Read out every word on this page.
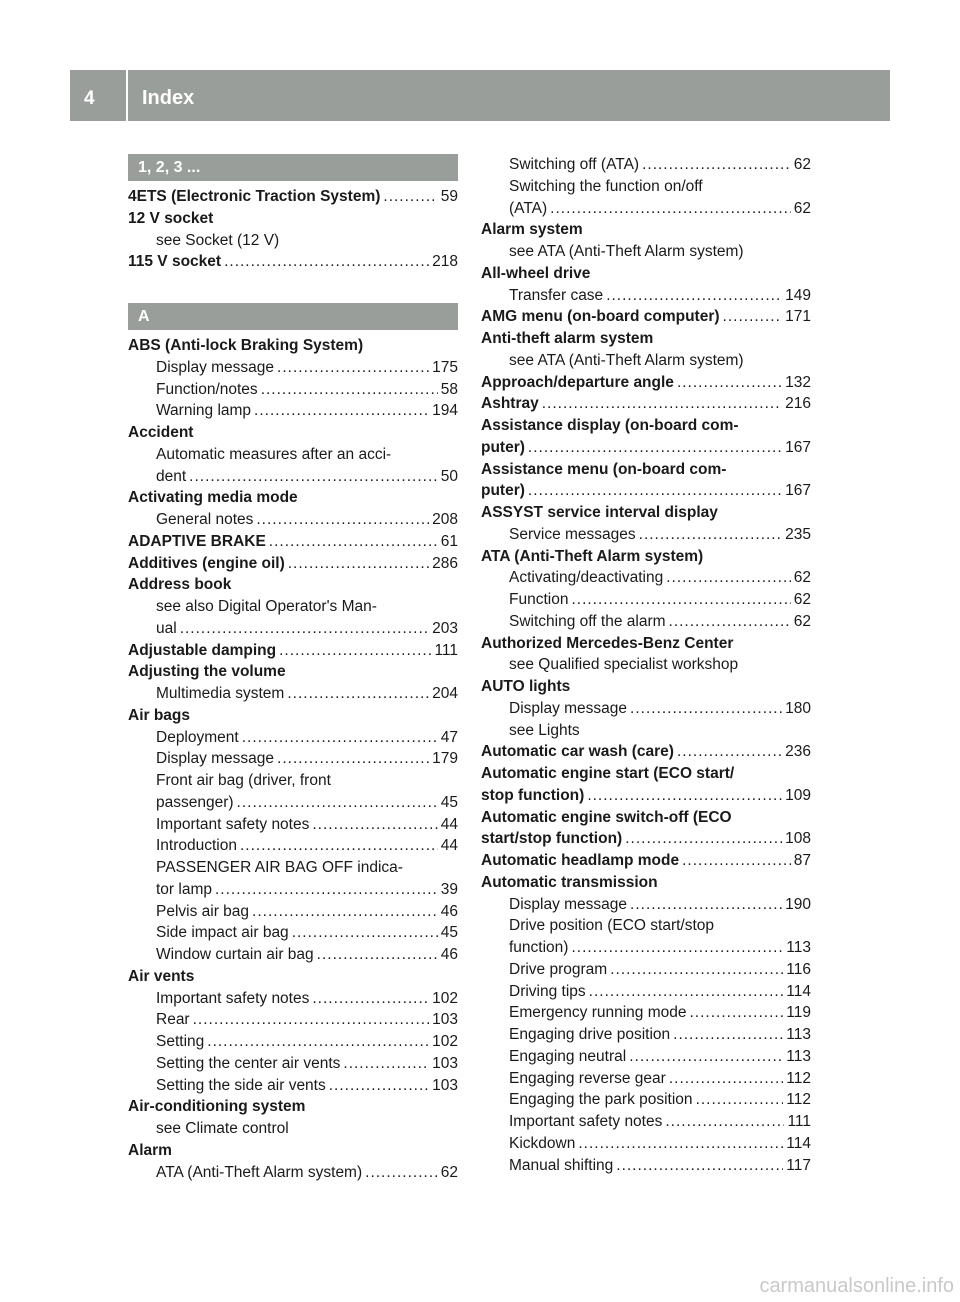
4 Index
1, 2, 3 ...
4ETS (Electronic Traction System) .....	59
12 V socket
see Socket (12 V)
115 V socket .....	218
A
ABS (Anti-lock Braking System)
Display message .....	175
Function/notes .....	58
Warning lamp .....	194
Accident
Automatic measures after an acci-
dent .....	50
Activating media mode
General notes .....	208
ADAPTIVE BRAKE .....	61
Additives (engine oil) .....	286
Address book
see also Digital Operator's Man-
ual .....	203
Adjustable damping .....	111
Adjusting the volume
Multimedia system .....	204
Air bags
Deployment .....	47
Display message .....	179
Front air bag (driver, front
passenger) .....	45
Important safety notes .....	44
Introduction .....	44
PASSENGER AIR BAG OFF indica-
tor lamp .....	39
Pelvis air bag .....	46
Side impact air bag .....	45
Window curtain air bag .....	46
Air vents
Important safety notes .....	102
Rear .....	103
Setting .....	102
Setting the center air vents .....	103
Setting the side air vents .....	103
Air-conditioning system
see Climate control
Alarm
ATA (Anti-Theft Alarm system) .....	62
Switching off (ATA) .....	62
Switching the function on/off
(ATA) .....	62
Alarm system
see ATA (Anti-Theft Alarm system)
All-wheel drive
Transfer case .....	149
AMG menu (on-board computer) .....	171
Anti-theft alarm system
see ATA (Anti-Theft Alarm system)
Approach/departure angle .....	132
Ashtray .....	216
Assistance display (on-board com-
puter) .....	167
Assistance menu (on-board com-
puter) .....	167
ASSYST service interval display
Service messages .....	235
ATA (Anti-Theft Alarm system)
Activating/deactivating .....	62
Function .....	62
Switching off the alarm .....	62
Authorized Mercedes-Benz Center
see Qualified specialist workshop
AUTO lights
Display message .....	180
see Lights
Automatic car wash (care) .....	236
Automatic engine start (ECO start/
stop function) .....	109
Automatic engine switch-off (ECO
start/stop function) .....	108
Automatic headlamp mode .....	87
Automatic transmission
Display message .....	190
Drive position (ECO start/stop
function) .....	113
Drive program .....	116
Driving tips .....	114
Emergency running mode .....	119
Engaging drive position .....	113
Engaging neutral .....	113
Engaging reverse gear .....	112
Engaging the park position .....	112
Important safety notes .....	111
Kickdown .....	114
Manual shifting .....	117
carmanualsonline.info
